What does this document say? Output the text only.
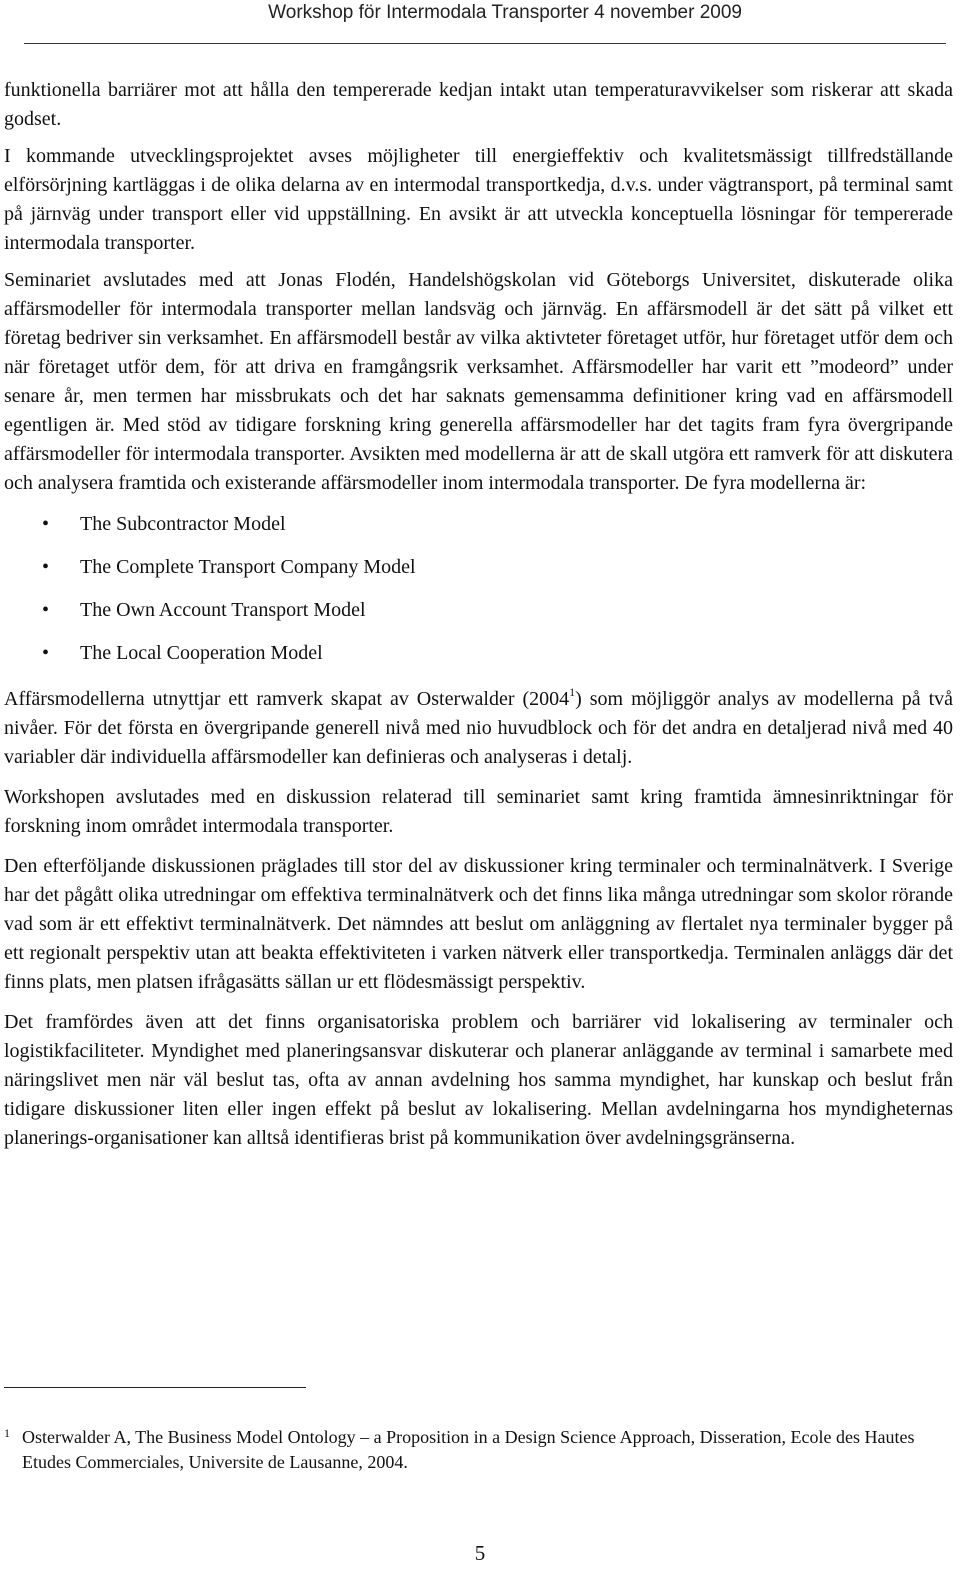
Workshop för Intermodala Transporter 4 november 2009

funktionella barriärer mot att hålla den tempererade kedjan intakt utan temperaturavvikelser som riskerar att skada godset.

I kommande utvecklingsprojektet avses möjligheter till energieffektiv och kvalitetsmässigt tillfredställande elförsörjning kartläggas i de olika delarna av en intermodal transportkedja, d.v.s. under vägtransport, på terminal samt på järnväg under transport eller vid uppställning. En avsikt är att utveckla konceptuella lösningar för tempererade intermodala transporter.

Seminariet avslutades med att Jonas Flodén, Handelshögskolan vid Göteborgs Universitet, diskuterade olika affärsmodeller för intermodala transporter mellan landsväg och järnväg. En affärsmodell är det sätt på vilket ett företag bedriver sin verksamhet. En affärsmodell består av vilka aktivteter företaget utför, hur företaget utför dem och när företaget utför dem, för att driva en framgångsrik verksamhet. Affärsmodeller har varit ett ”modeord” under senare år, men termen har missbrukats och det har saknats gemensamma definitioner kring vad en affärsmodell egentligen är. Med stöd av tidigare forskning kring generella affärsmodeller har det tagits fram fyra övergripande affärsmodeller för intermodala transporter. Avsikten med modellerna är att de skall utgöra ett ramverk för att diskutera och analysera framtida och existerande affärsmodeller inom intermodala transporter. De fyra modellerna är:

• The Subcontractor Model
• The Complete Transport Company Model
• The Own Account Transport Model
• The Local Cooperation Model

Affärsmodellerna utnyttjar ett ramverk skapat av Osterwalder (2004$^1$) som möjliggör analys av modellerna på två nivåer. För det första en övergripande generell nivå med nio huvudblock och för det andra en detaljerad nivå med 40 variabler där individuella affärsmodeller kan definieras och analyseras i detalj.

Workshopen avslutades med en diskussion relaterad till seminariet samt kring framtida ämnesinriktningar för forskning inom området intermodala transporter.

Den efterföljande diskussionen präglades till stor del av diskussioner kring terminaler och terminalnätverk. I Sverige har det pågått olika utredningar om effektiva terminalnätverk och det finns lika många utredningar som skolor rörande vad som är ett effektivt terminalnätverk. Det nämndes att beslut om anläggning av flertalet nya terminaler bygger på ett regionalt perspektiv utan att beakta effektiviteten i varken nätverk eller transportkedja. Terminalen anläggs där det finns plats, men platsen ifrågasätts sällan ur ett flödesmässigt perspektiv.

Det framfördes även att det finns organisatoriska problem och barriärer vid lokalisering av terminaler och logistikfaciliteter. Myndighet med planeringsansvar diskuterar och planerar anläggande av terminal i samarbete med näringslivet men när väl beslut tas, ofta av annan avdelning hos samma myndighet, har kunskap och beslut från tidigare diskussioner liten eller ingen effekt på beslut av lokalisering. Mellan avdelningarna hos myndigheternas planerings-organisationer kan alltså identifieras brist på kommunikation över avdelningsgränserna.

1 Osterwalder A, The Business Model Ontology – a Proposition in a Design Science Approach, Disseration, Ecole des Hautes Etudes Commerciales, Universite de Lausanne, 2004.
5
